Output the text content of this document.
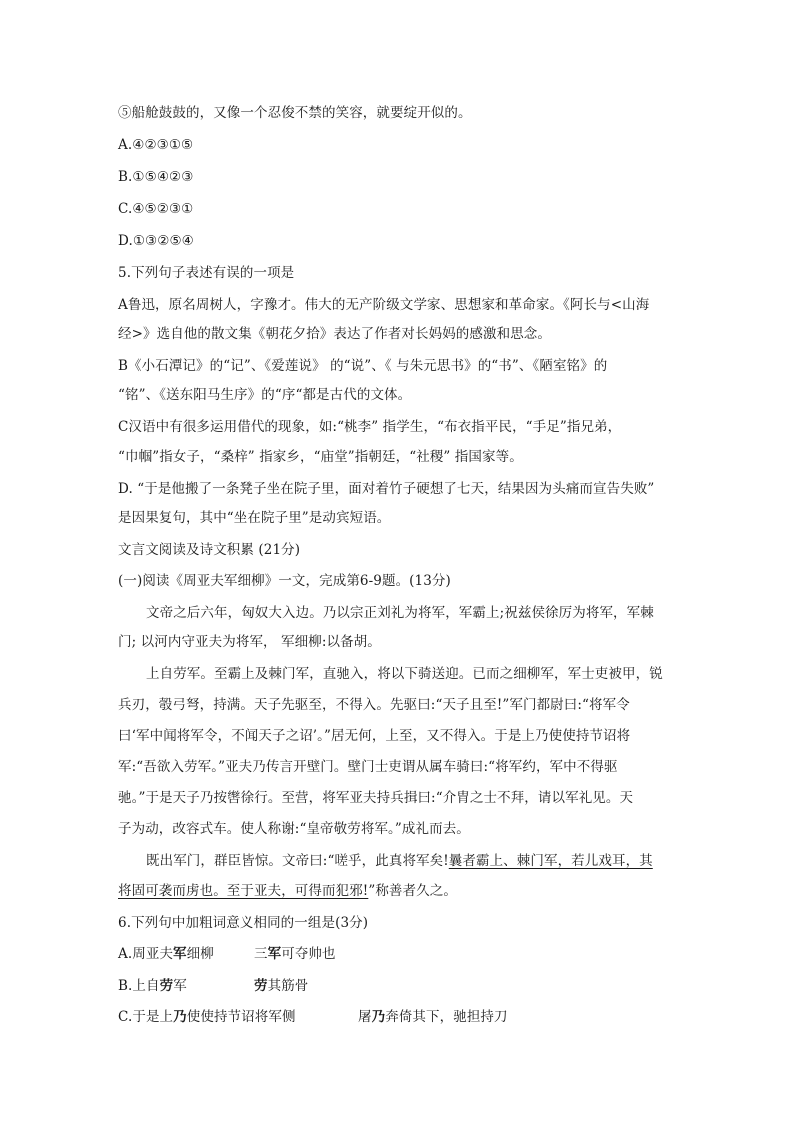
⑤船舱鼓鼓的，又像一个忍俊不禁的笑容，就要绽开似的。
A.④②③①⑤
B.①⑤④②③
C.④⑤②③①
D.①③②⑤④
5.下列句子表述有误的一项是
A鲁迅，原名周树人，字豫才。伟大的无产阶级文学家、思想家和革命家。《阿长与<山海
经>》选自他的散文集《朝花夕拾》表达了作者对长妈妈的感激和思念。
B《小石潭记》的“记”、《爱莲说》 的“说”、《 与朱元思书》的“书”、《陋室铭》的
“铭”、《送东阳马生序》的“序“都是古代的文体。
C汉语中有很多运用借代的现象，如:“桃李” 指学生，“布衣指平民，“手足”指兄弟，
“巾帼”指女子，“桑梓” 指家乡，“庙堂”指朝廷，“社稷” 指国家等。
D. “于是他搬了一条凳子坐在院子里，面对着竹子硬想了七天，结果因为头痛而宣告失败”
是因果复句，其中“坐在院子里”是动宾短语。
文言文阅读及诗文积累 (21分)
(一)阅读《周亚夫军细柳》一文，完成第6-9题。(13分)
文帝之后六年，匈奴大入边。乃以宗正刘礼为将军，军霸上;祝兹侯徐厉为将军，军棘
门; 以河内守亚夫为将军， 军细柳:以备胡。
上自劳军。至霸上及棘门军，直驰入，将以下骑送迎。已而之细柳军，军士吏被甲，锐
兵刃，彀弓弩，持满。天子先驱至，不得入。先驱曰:“天子且至!”军门都尉曰:“将军令
曰‘军中闻将军令，不闻天子之诏’。”居无何，上至，又不得入。于是上乃使使持节诏将
军:“吾欲入劳军。”亚夫乃传言开壁门。壁门士吏谓从属车骑曰:“将军约，军中不得驱
驰。”于是天子乃按辔徐行。至营，将军亚夫持兵揖曰:“介胄之士不拜，请以军礼见。天
子为动，改容式车。使人称谢:“皇帝敬劳将军。”成礼而去。
既出军门，群臣皆惊。文帝曰:“嗟乎，此真将军矣!曩者霸上、棘门军，若儿戏耳，其
将固可袭而虏也。至于亚夫，可得而犯邪!”称善者久之。
6.下列句中加粗词意义相同的一组是(3分)
A.周亚夫军细柳	三军可夺帅也
B.上自劳军	劳其筋骨
C.于是上乃使使持节诏将军侧	屠乃奔倚其下，驰担持刀
